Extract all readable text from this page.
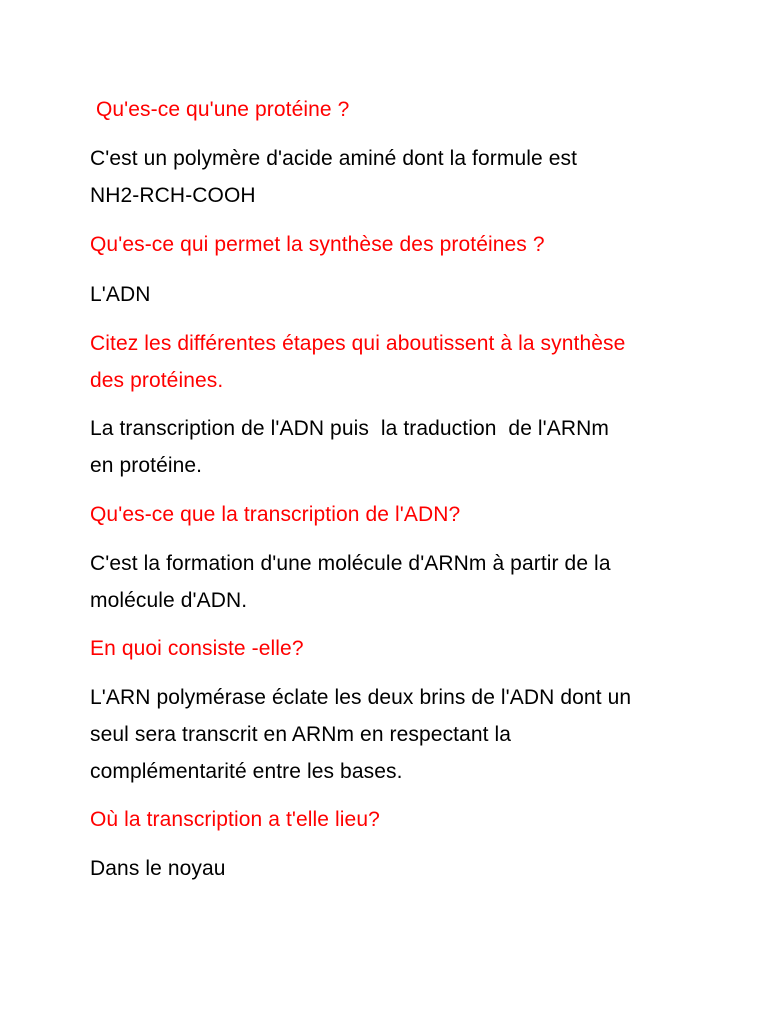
Qu'es-ce qu'une protéine ?
C'est un polymère d'acide aminé dont la formule est
NH2-RCH-COOH
Qu'es-ce qui permet la synthèse des protéines ?
L'ADN
Citez les différentes étapes qui aboutissent à la synthèse
des protéines.
La transcription de l'ADN puis  la traduction  de l'ARNm
en protéine.
Qu'es-ce que la transcription de l'ADN?
C'est la formation d'une molécule d'ARNm à partir de la
molécule d'ADN.
En quoi consiste -elle?
L'ARN polymérase éclate les deux brins de l'ADN dont un
seul sera transcrit en ARNm en respectant la
complémentarité entre les bases.
Où la transcription a t'elle lieu?
Dans le noyau
